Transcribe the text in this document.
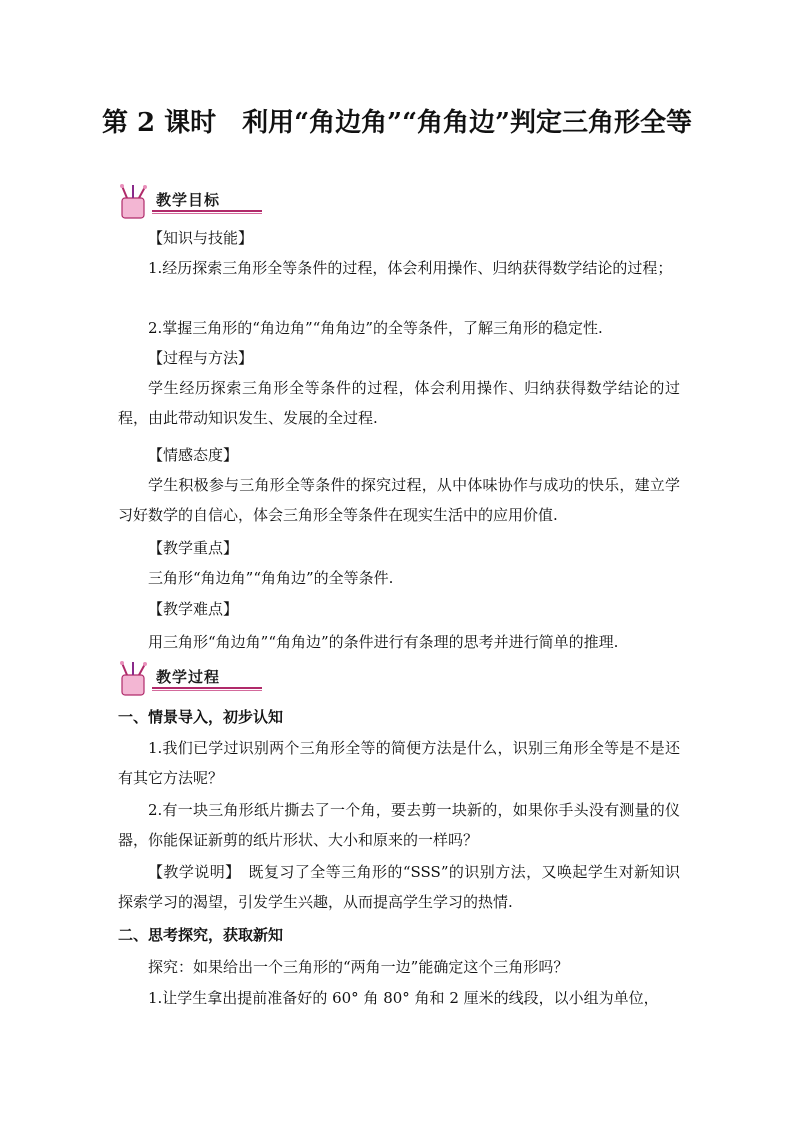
第 2 课时　利用“角边角”“角角边”判定三角形全等
教学目标
【知识与技能】
1.经历探索三角形全等条件的过程，体会利用操作、归纳获得数学结论的过程；
2.掌握三角形的“角边角”“角角边”的全等条件，了解三角形的稳定性.
【过程与方法】
学生经历探索三角形全等条件的过程，体会利用操作、归纳获得数学结论的过程，由此带动知识发生、发展的全过程.
【情感态度】
学生积极参与三角形全等条件的探究过程，从中体味协作与成功的快乐，建立学习好数学的自信心，体会三角形全等条件在现实生活中的应用价值.
【教学重点】
三角形“角边角”“角角边”的全等条件.
【教学难点】
用三角形“角边角”“角角边”的条件进行有条理的思考并进行简单的推理.
教学过程
一、情景导入，初步认知
1.我们已学过识别两个三角形全等的简便方法是什么，识别三角形全等是不是还有其它方法呢？
2.有一块三角形纸片撕去了一个角，要去剪一块新的，如果你手头没有测量的仪器，你能保证新剪的纸片形状、大小和原来的一样吗？
【教学说明】　既复习了全等三角形的“SSS”的识别方法，又唤起学生对新知识探索学习的渴望，引发学生兴趣，从而提高学生学习的热情.
二、思考探究，获取新知
探究：如果给出一个三角形的“两角一边”能确定这个三角形吗？
1.让学生拿出提前准备好的 60° 角 80° 角和 2 厘米的线段，以小组为单位，
